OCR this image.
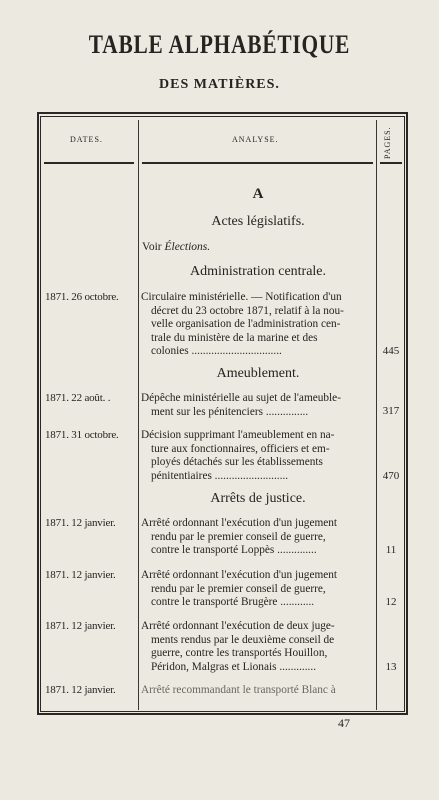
TABLE ALPHABÉTIQUE
DES MATIÈRES.
DATES.	ANALYSE.	PAGES.
A
Actes législatifs.
Voir Élections.
Administration centrale.
1871. 26 octobre.	Circulaire ministérielle. — Notification d'un
décret du 23 octobre 1871, relatif à la nou-
velle organisation de l'administration cen-
trale du ministère de la marine et des
colonies ................................	445
Ameublement.
1871. 22 août. .	Dépêche ministérielle au sujet de l'ameuble-
ment sur les pénitenciers ...............	317
1871. 31 octobre.	Décision supprimant l'ameublement en na-
ture aux fonctionnaires, officiers et em-
ployés détachés sur les établissements
pénitentiaires ..........................	470
Arrêts de justice.
1871. 12 janvier.	Arrêté ordonnant l'exécution d'un jugement
rendu par le premier conseil de guerre,
contre le transporté Loppès ..............	11
1871. 12 janvier.	Arrêté ordonnant l'exécution d'un jugement
rendu par le premier conseil de guerre,
contre le transporté Brugère ............	12
1871. 12 janvier.	Arrêté ordonnant l'exécution de deux juge-
ments rendus par le deuxième conseil de
guerre, contre les transportés Houillon,
Péridon, Malgras et Lionais .............	13
1871. 12 janvier.	Arrêté recommandant le transporté Blanc à
47
